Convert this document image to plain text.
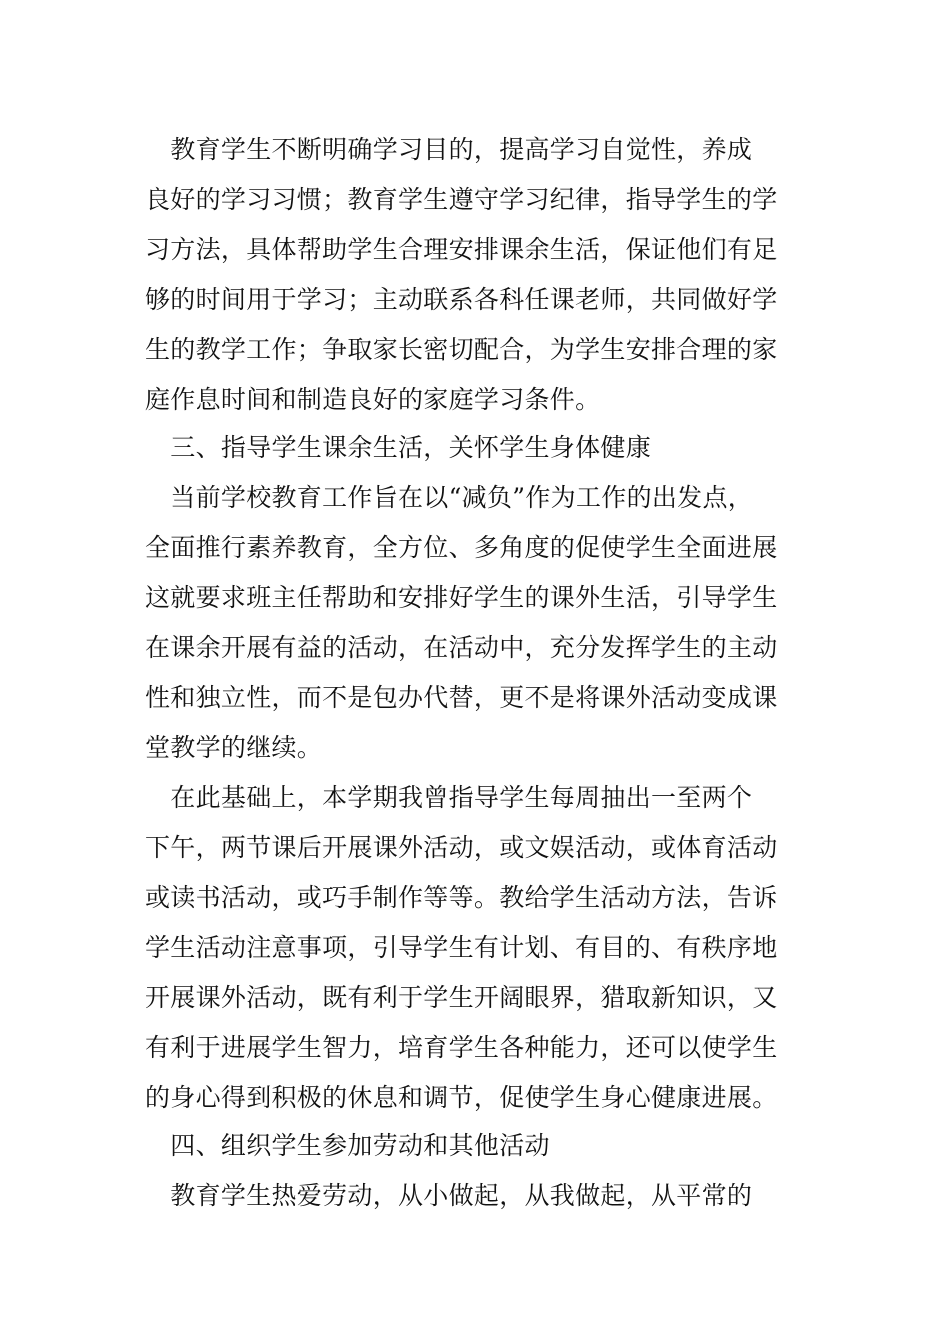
　教育学生不断明确学习目的，提高学习自觉性，养成
良好的学习习惯；教育学生遵守学习纪律，指导学生的学
习方法，具体帮助学生合理安排课余生活，保证他们有足
够的时间用于学习；主动联系各科任课老师，共同做好学
生的教学工作；争取家长密切配合，为学生安排合理的家
庭作息时间和制造良好的家庭学习条件。
　三、指导学生课余生活，关怀学生身体健康
　当前学校教育工作旨在以“减负”作为工作的出发点，
全面推行素养教育，全方位、多角度的促使学生全面进展
这就要求班主任帮助和安排好学生的课外生活，引导学生
在课余开展有益的活动，在活动中，充分发挥学生的主动
性和独立性，而不是包办代替，更不是将课外活动变成课
堂教学的继续。
　在此基础上，本学期我曾指导学生每周抽出一至两个
下午，两节课后开展课外活动，或文娱活动，或体育活动
或读书活动，或巧手制作等等。教给学生活动方法，告诉
学生活动注意事项，引导学生有计划、有目的、有秩序地
开展课外活动，既有利于学生开阔眼界，猎取新知识，又
有利于进展学生智力，培育学生各种能力，还可以使学生
的身心得到积极的休息和调节，促使学生身心健康进展。
　四、组织学生参加劳动和其他活动
　教育学生热爱劳动，从小做起，从我做起，从平常的
